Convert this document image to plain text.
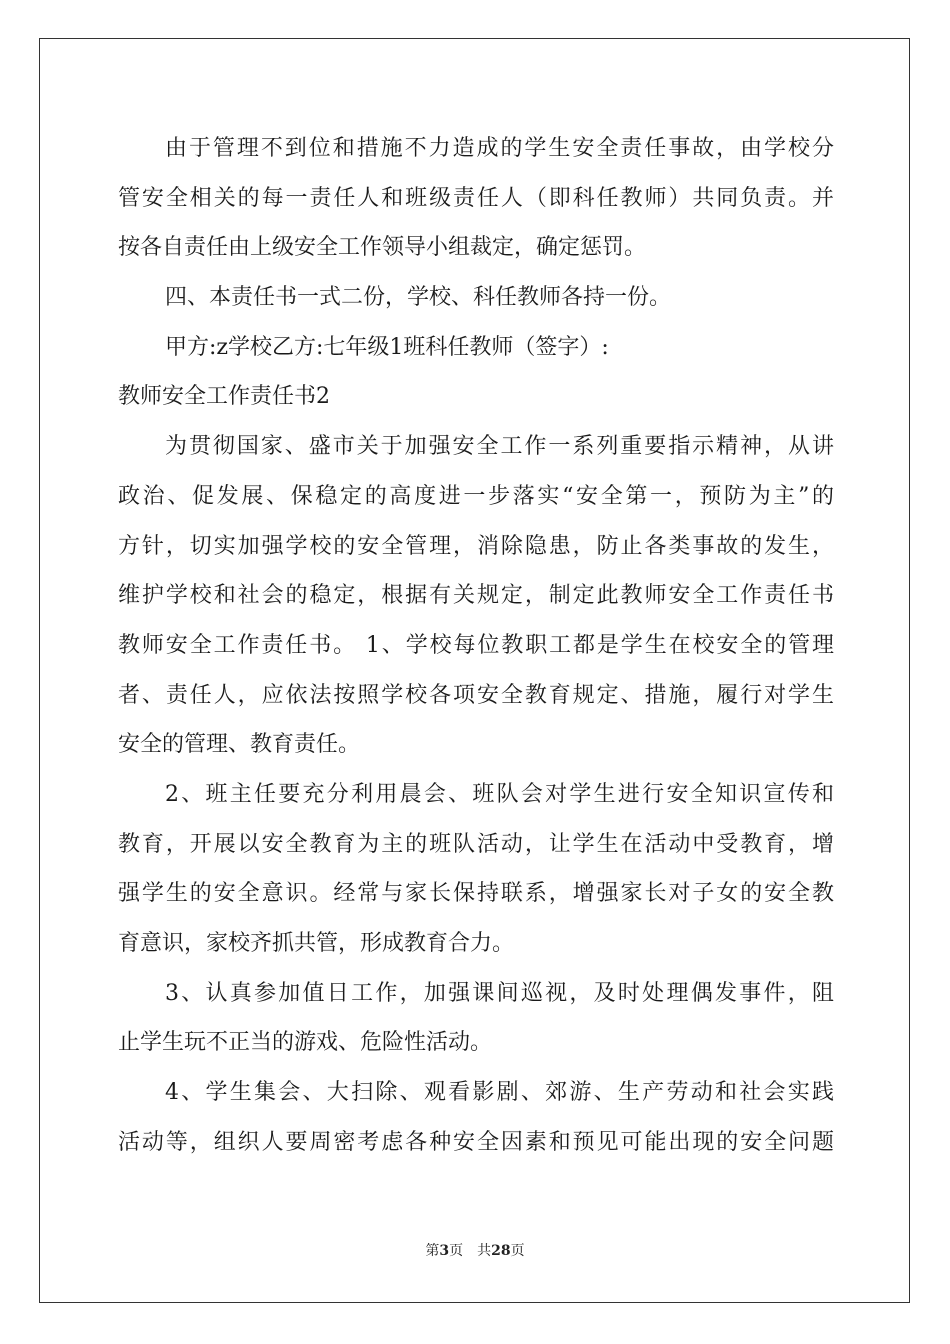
由于管理不到位和措施不力造成的学生安全责任事故，由学校分
管安全相关的每一责任人和班级责任人（即科任教师）共同负责。并
按各自责任由上级安全工作领导小组裁定，确定惩罚。
四、本责任书一式二份，学校、科任教师各持一份。
甲方:z学校乙方:七年级1班科任教师（签字）:
教师安全工作责任书2
为贯彻国家、盛市关于加强安全工作一系列重要指示精神，从讲
政治、促发展、保稳定的高度进一步落实“安全第一，预防为主”的
方针，切实加强学校的安全管理，消除隐患，防止各类事故的发生，
维护学校和社会的稳定，根据有关规定，制定此教师安全工作责任书
教师安全工作责任书。 1、学校每位教职工都是学生在校安全的管理
者、责任人，应依法按照学校各项安全教育规定、措施，履行对学生
安全的管理、教育责任。
2、班主任要充分利用晨会、班队会对学生进行安全知识宣传和
教育，开展以安全教育为主的班队活动，让学生在活动中受教育，增
强学生的安全意识。经常与家长保持联系，增强家长对子女的安全教
育意识，家校齐抓共管，形成教育合力。
3、认真参加值日工作，加强课间巡视，及时处理偶发事件，阻
止学生玩不正当的游戏、危险性活动。
4、学生集会、大扫除、观看影剧、郊游、生产劳动和社会实践
活动等，组织人要周密考虑各种安全因素和预见可能出现的安全问题
第3页　共28页
